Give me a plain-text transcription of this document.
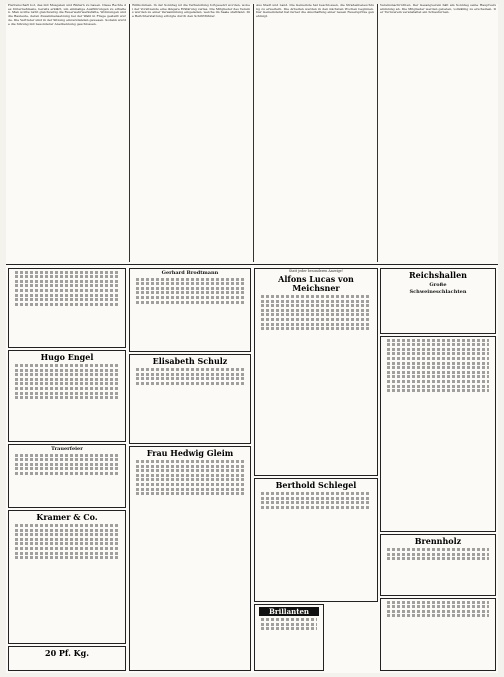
Herrenschaft bot, das mit Musgelen und Bildern zu bauen. Diese Rechte des Unternehmens, bereits erklärt, um einmalige Ausführungen zu erhalten. Man wollte nicht gleichzeitig die Feuerwehrwerkstätte, Wohnungen und die Bauleute, deren Zusammensetzung bei der Wahl in Frage gestellt wurde. Die Vertreter sind in der Sitzung einverstanden gewesen. Sodann wurde die Sitzung mit besonderer Anerkennung geschlossen.
Willkommen. In der Sonntag ist die Verhandlung fortgesetzt worden, wobei der Vorsitzende eine längere Erklärung verlas. Die Mitglieder des Vereins wurden zu einer Versammlung eingeladen, welche im Saale stattfand. Die Berichterstattung erfolgte durch den Schriftführer.
Aus Stadt und Land. Die Gemeinde hat beschlossen, die Straßenbeleuchtung zu erweitern. Die Arbeiten werden in den nächsten Wochen beginnen. Der Gemeinderat hat ferner die Anschaffung einer neuen Feuerspritze genehmigt.
Vereinsnachrichten. Der Gesangverein hält am Sonntag seine Hauptversammlung ab. Die Mitglieder werden gebeten, vollzählig zu erscheinen. Der Turnverein veranstaltet ein Schauturnen.
Hugo Engel
Trauerfeier
Kramer & Co.
20 Pf. Kg.
Gerhard Brodtmann
Elisabeth Schulz
Frau Hedwig Gleim
Statt jeder besonderen Anzeige!
Alfons Lucas von Meichsner
Berthold Schlegel
Brillanten
Reichshallen
Große
Schweineschlachten
Brennholz
